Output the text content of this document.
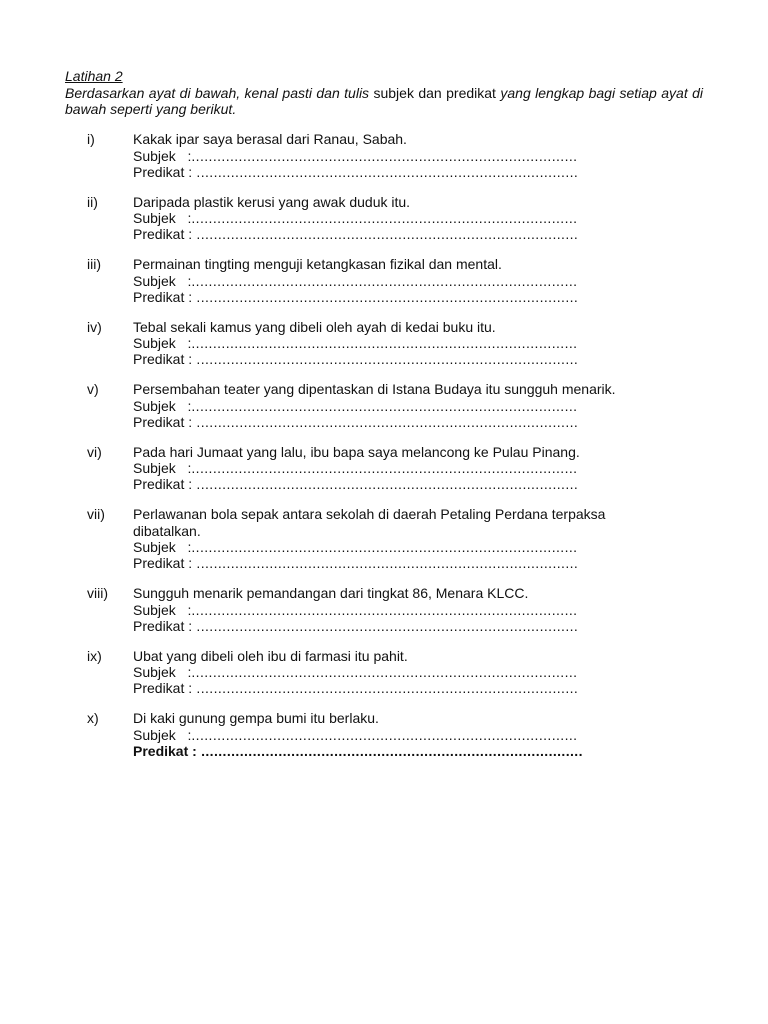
Latihan 2
Berdasarkan ayat di bawah, kenal pasti dan tulis subjek dan predikat yang lengkap bagi setiap ayat di bawah seperti yang berikut.
i)	Kakak ipar saya berasal dari Ranau, Sabah.
Subjek   :..........................................................................................
Predikat : .........................................................................................
ii)	Daripada plastik kerusi yang awak duduk itu.
Subjek   :..........................................................................................
Predikat : .........................................................................................
iii) Permainan tingting menguji ketangkasan fizikal dan mental.
Subjek   :..........................................................................................
Predikat : .........................................................................................
iv) Tebal sekali kamus yang dibeli oleh ayah di kedai buku itu.
Subjek   :..........................................................................................
Predikat : .........................................................................................
v) Persembahan teater yang dipentaskan di Istana Budaya itu sungguh menarik.
Subjek   :..........................................................................................
Predikat : .........................................................................................
vi) Pada hari Jumaat yang lalu, ibu bapa saya melancong ke Pulau Pinang.
Subjek   :..........................................................................................
Predikat : .........................................................................................
vii) Perlawanan bola sepak antara sekolah di daerah Petaling Perdana terpaksa
dibatalkan.
Subjek   :..........................................................................................
Predikat : .........................................................................................
viii) Sungguh menarik pemandangan dari tingkat 86, Menara KLCC.
Subjek   :..........................................................................................
Predikat : .........................................................................................
ix) Ubat yang dibeli oleh ibu di farmasi itu pahit.
Subjek   :..........................................................................................
Predikat : .........................................................................................
x) Di kaki gunung gempa bumi itu berlaku.
Subjek   :..........................................................................................
Predikat : .........................................................................................
